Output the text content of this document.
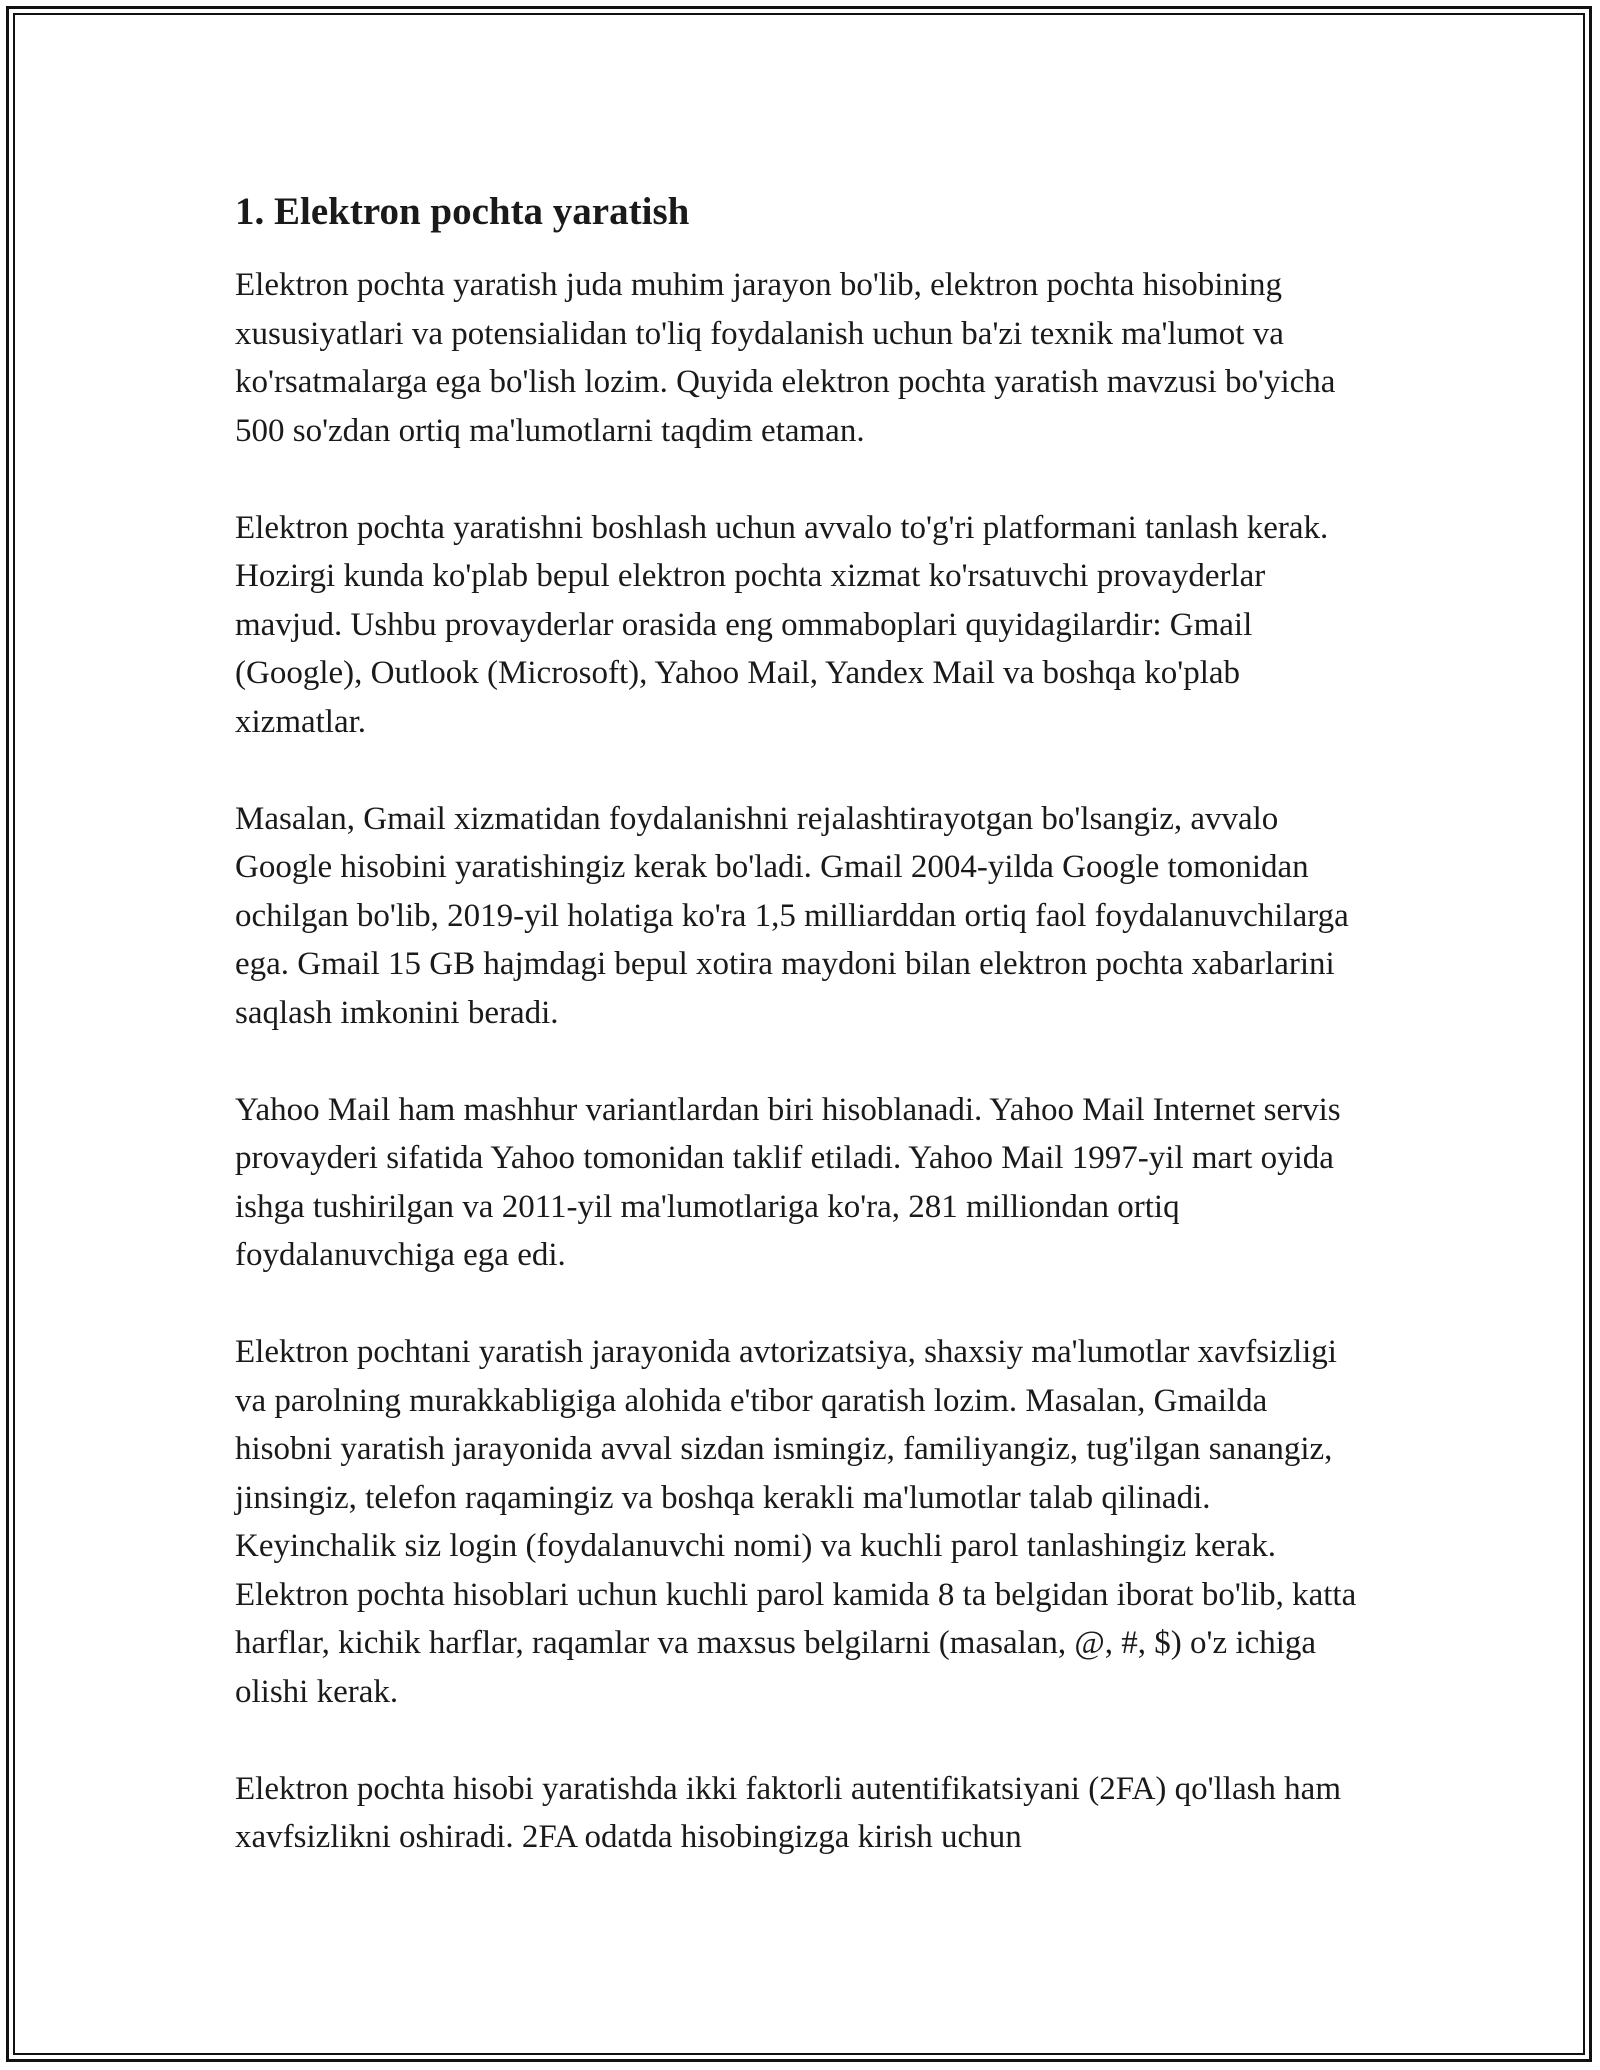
1. Elektron pochta yaratish

Elektron pochta yaratish juda muhim jarayon bo'lib, elektron pochta hisobining xususiyatlari va potensialidan to'liq foydalanish uchun ba'zi texnik ma'lumot va ko'rsatmalarga ega bo'lish lozim. Quyida elektron pochta yaratish mavzusi bo'yicha 500 so'zdan ortiq ma'lumotlarni taqdim etaman.

Elektron pochta yaratishni boshlash uchun avvalo to'g'ri platformani tanlash kerak. Hozirgi kunda ko'plab bepul elektron pochta xizmat ko'rsatuvchi provayderlar mavjud. Ushbu provayderlar orasida eng ommaboplari quyidagilardir: Gmail (Google), Outlook (Microsoft), Yahoo Mail, Yandex Mail va boshqa ko'plab xizmatlar.

Masalan, Gmail xizmatidan foydalanishni rejalashtirayotgan bo'lsangiz, avvalo Google hisobini yaratishingiz kerak bo'ladi. Gmail 2004-yilda Google tomonidan ochilgan bo'lib, 2019-yil holatiga ko'ra 1,5 milliarddan ortiq faol foydalanuvchilarga ega. Gmail 15 GB hajmdagi bepul xotira maydoni bilan elektron pochta xabarlarini saqlash imkonini beradi.

Yahoo Mail ham mashhur variantlardan biri hisoblanadi. Yahoo Mail Internet servis provayderi sifatida Yahoo tomonidan taklif etiladi. Yahoo Mail 1997-yil mart oyida ishga tushirilgan va 2011-yil ma'lumotlariga ko'ra, 281 milliondan ortiq foydalanuvchiga ega edi.

Elektron pochtani yaratish jarayonida avtorizatsiya, shaxsiy ma'lumotlar xavfsizligi va parolning murakkabligiga alohida e'tibor qaratish lozim. Masalan, Gmailda hisobni yaratish jarayonida avval sizdan ismingiz, familiyangiz, tug'ilgan sanangiz, jinsingiz, telefon raqamingiz va boshqa kerakli ma'lumotlar talab qilinadi. Keyinchalik siz login (foydalanuvchi nomi) va kuchli parol tanlashingiz kerak. Elektron pochta hisoblari uchun kuchli parol kamida 8 ta belgidan iborat bo'lib, katta harflar, kichik harflar, raqamlar va maxsus belgilarni (masalan, @, #, $) o'z ichiga olishi kerak.

Elektron pochta hisobi yaratishda ikki faktorli autentifikatsiyani (2FA) qo'llash ham xavfsizlikni oshiradi. 2FA odatda hisobingizga kirish uchun
